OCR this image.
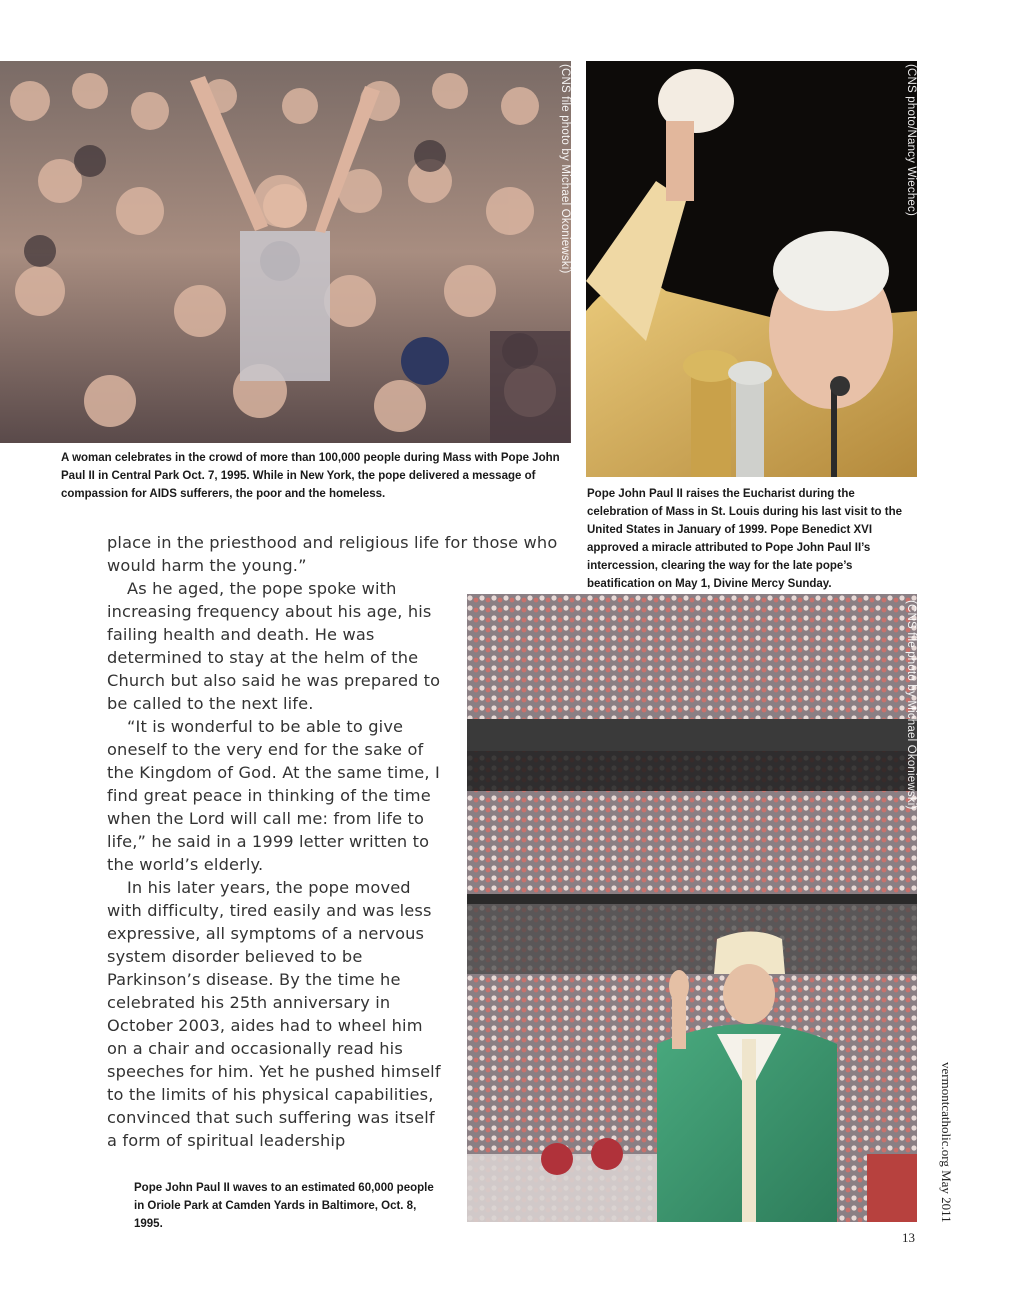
(CNS file photo by Michael Okoniewski)

A woman celebrates in the crowd of more than 100,000 people during Mass with Pope John Paul II in Central Park Oct. 7, 1995. While in New York, the pope delivered a message of compassion for AIDS sufferers, the poor and the homeless.

(CNS photo/Nancy Wiechec)

Pope John Paul II raises the Eucharist during the celebration of Mass in St. Louis during his last visit to the United States in January of 1999. Pope Benedict XVI approved a miracle attributed to Pope John Paul II’s intercession, clearing the way for the late pope’s beatification on May 1, Divine Mercy Sunday.

place in the priesthood and religious life for those who would harm the young.”
As he aged, the pope spoke with increasing frequency about his age, his failing health and death. He was determined to stay at the helm of the Church but also said he was prepared to be called to the next life.
“It is wonderful to be able to give oneself to the very end for the sake of the Kingdom of God. At the same time, I find great peace in thinking of the time when the Lord will call me: from life to life,” he said in a 1999 letter written to the world’s elderly.
In his later years, the pope moved with difficulty, tired easily and was less expressive, all symptoms of a nervous system disorder believed to be Parkinson’s disease. By the time he celebrated his 25th anniversary in October 2003, aides had to wheel him on a chair and occasionally read his speeches for him. Yet he pushed himself to the limits of his physical capabilities, convinced that such suffering was itself a form of spiritual leadership
(CNS file photo by Michael Okoniewski)

Pope John Paul II waves to an estimated 60,000 people in Oriole Park at Camden Yards in Baltimore, Oct. 8, 1995.

vermontcatholic.org May 2011
13
